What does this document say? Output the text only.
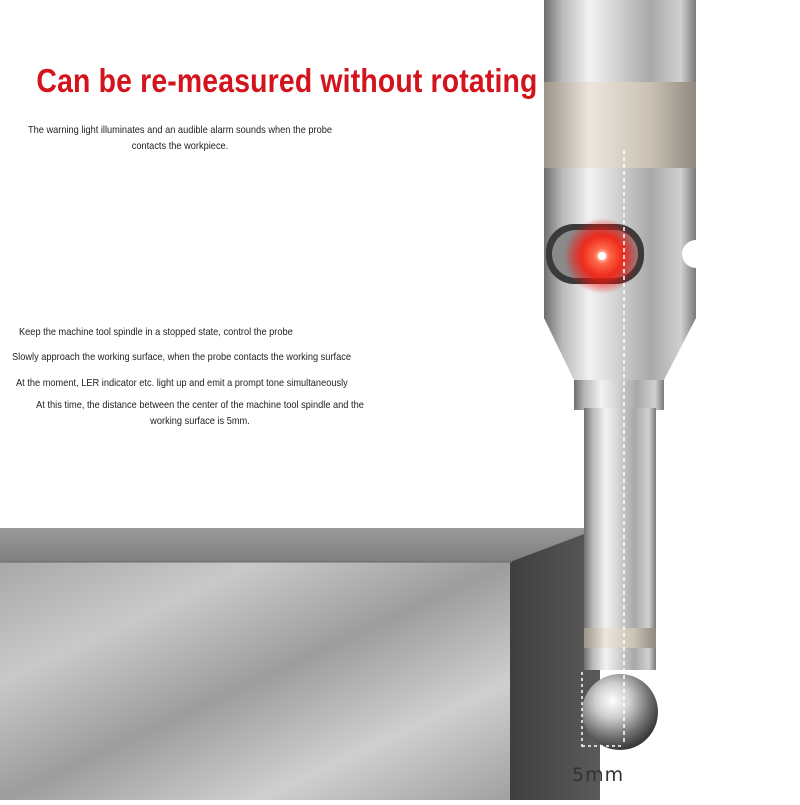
Can be re-measured without rotating
The warning light illuminates and an audible alarm sounds when the probe contacts the workpiece.
Keep the machine tool spindle in a stopped state, control the probe
Slowly approach the working surface, when the probe contacts the working surface
At the moment, LER indicator etc. light up and emit a prompt tone simultaneously
At this time, the distance between the center of the machine tool spindle and the working surface is 5mm.
5mm
